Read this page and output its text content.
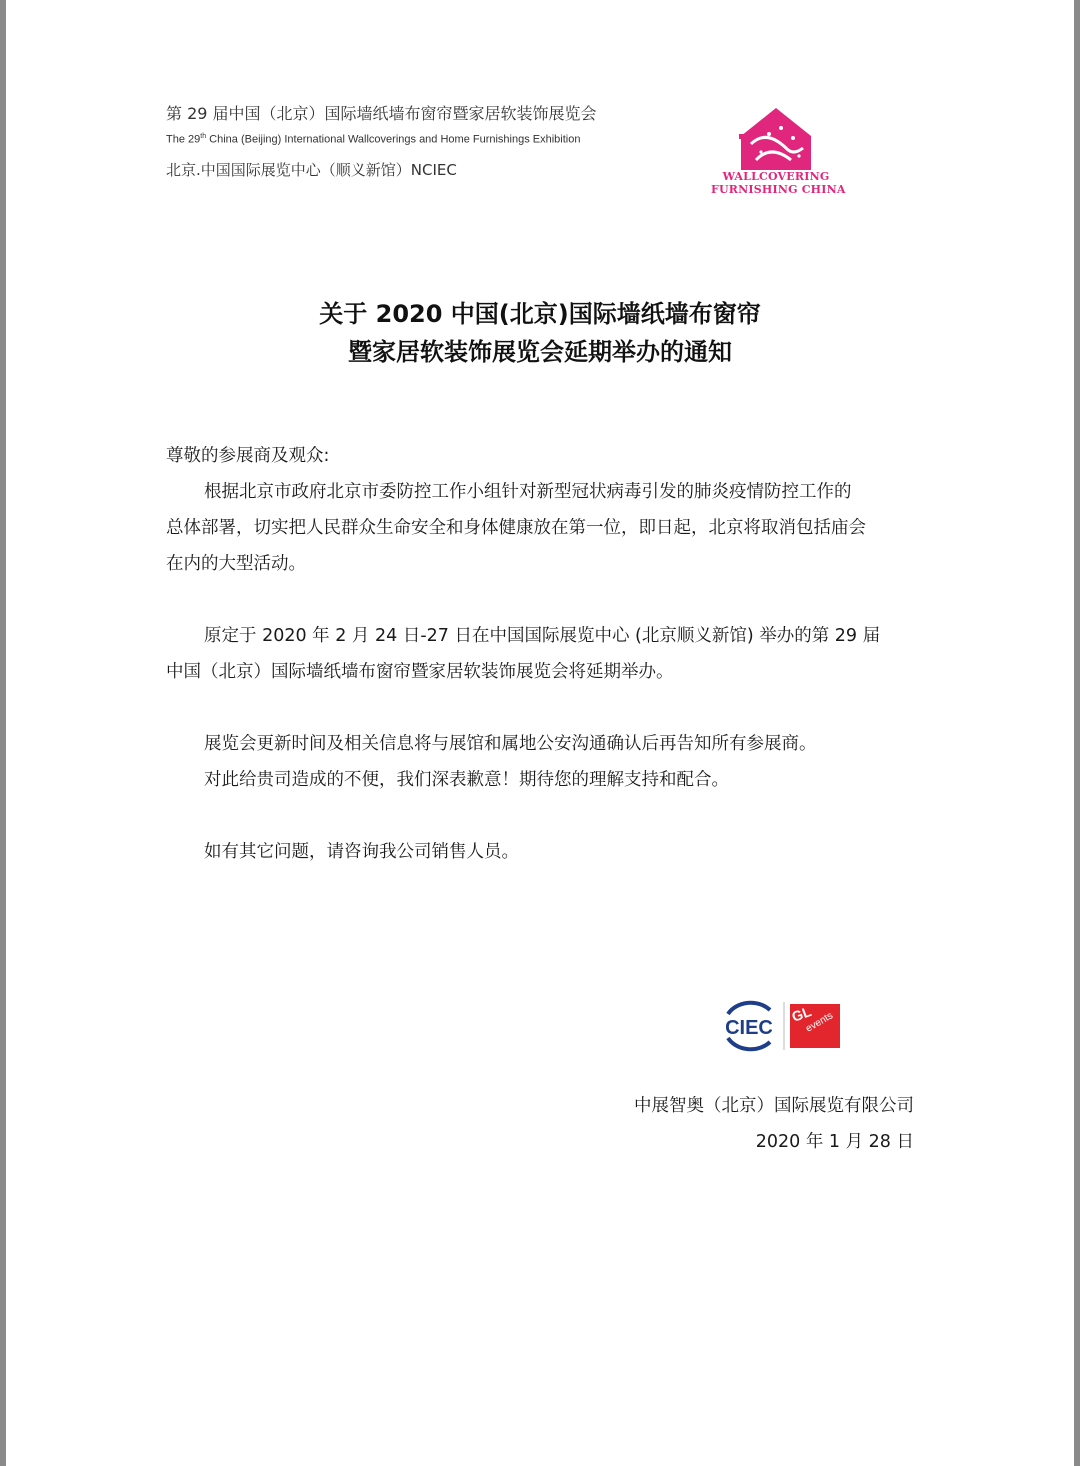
第 29 届中国（北京）国际墙纸墙布窗帘暨家居软装饰展览会
The 29th China (Beijing) International Wallcoverings and Home Furnishings Exhibition
北京.中国国际展览中心（顺义新馆）NCIEC	WALLCOVERING
FURNISHING CHINA
关于 2020 中国(北京)国际墙纸墙布窗帘
暨家居软装饰展览会延期举办的通知
尊敬的参展商及观众:
根据北京市政府北京市委防控工作小组针对新型冠状病毒引发的肺炎疫情防控工作的
总体部署，切实把人民群众生命安全和身体健康放在第一位，即日起，北京将取消包括庙会
在内的大型活动。
原定于 2020 年 2 月 24 日-27 日在中国国际展览中心 (北京顺义新馆) 举办的第 29 届
中国（北京）国际墙纸墙布窗帘暨家居软装饰展览会将延期举办。
展览会更新时间及相关信息将与展馆和属地公安沟通确认后再告知所有参展商。
对此给贵司造成的不便，我们深表歉意！期待您的理解支持和配合。
如有其它问题，请咨询我公司销售人员。
CIEC
GL
events
中展智奥（北京）国际展览有限公司
2020 年 1 月 28 日
